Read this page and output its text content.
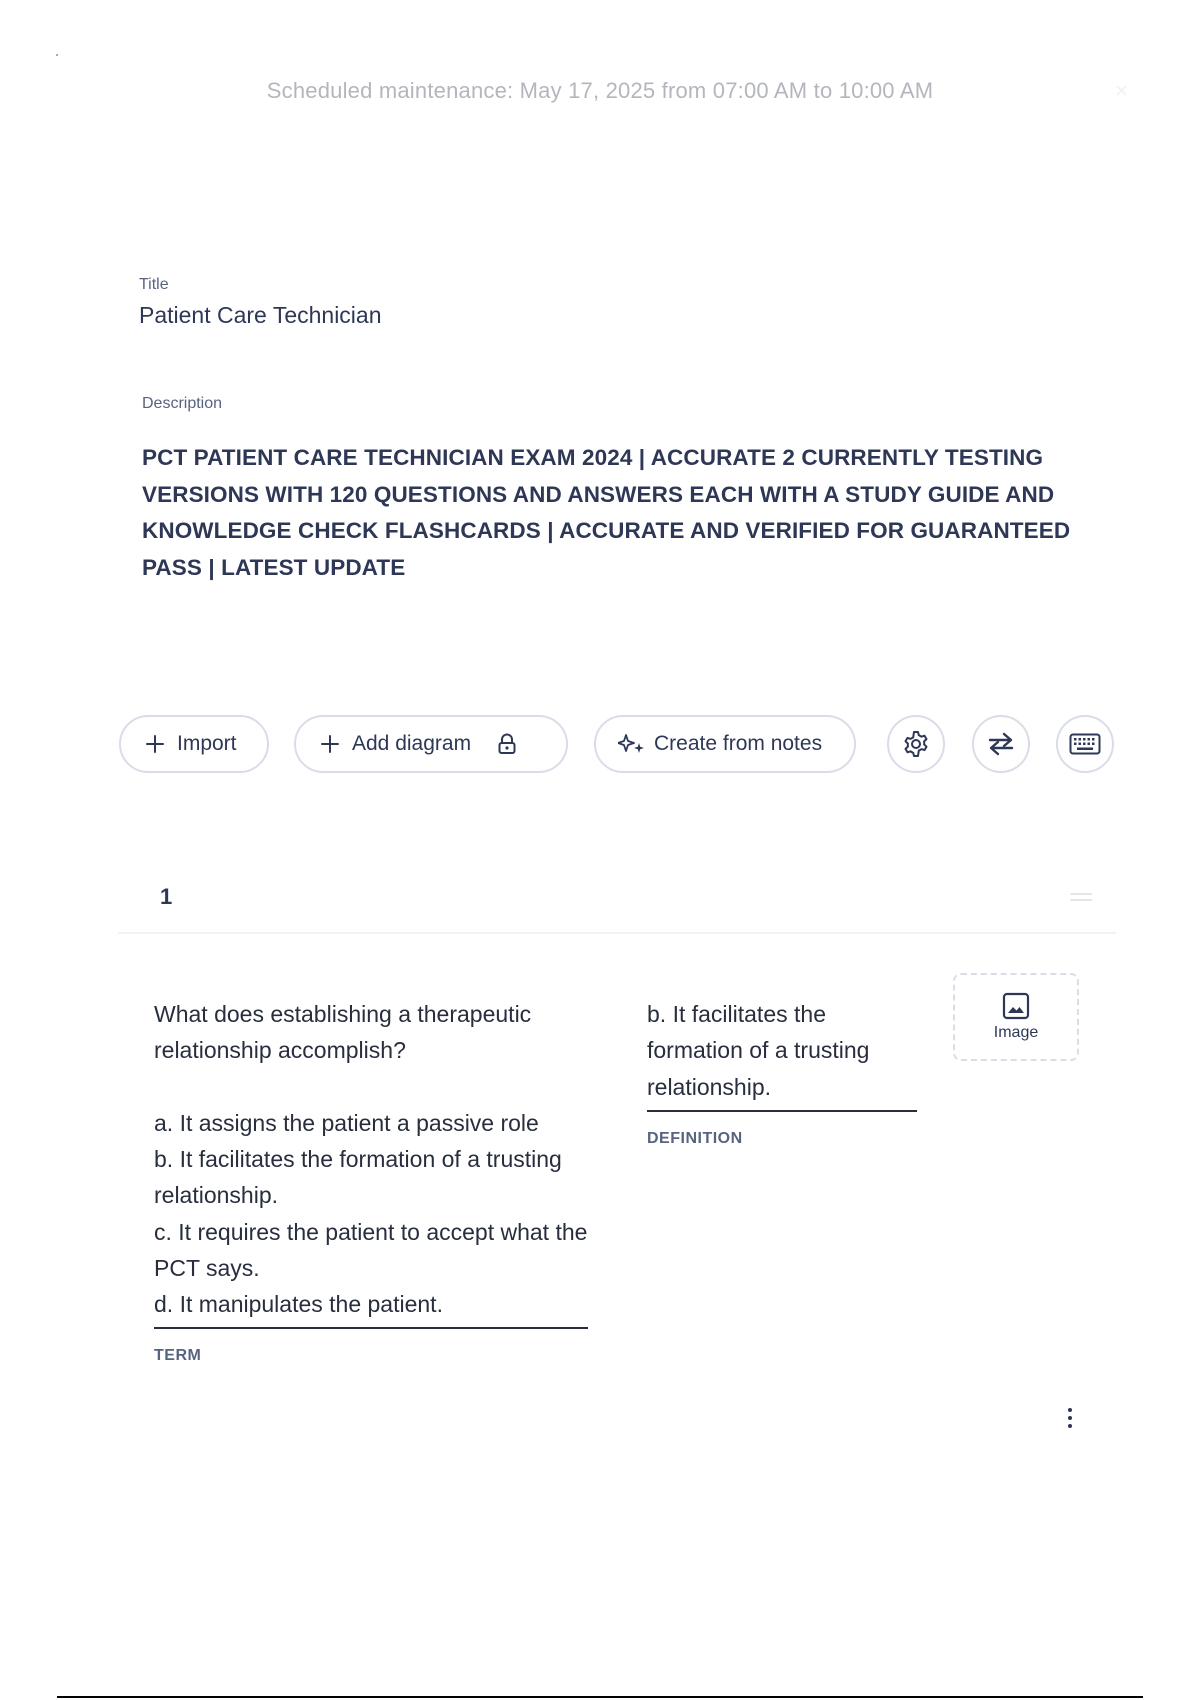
Scheduled maintenance: May 17, 2025 from 07:00 AM to 10:00 AM	×
Title
Patient Care Technician
Description
PCT PATIENT CARE TECHNICIAN EXAM 2024 | ACCURATE 2 CURRENTLY TESTING VERSIONS WITH 120 QUESTIONS AND ANSWERS EACH WITH A STUDY GUIDE AND KNOWLEDGE CHECK FLASHCARDS | ACCURATE AND VERIFIED FOR GUARANTEED PASS | LATEST UPDATE
Import	Add diagram	Create from notes
1
What does establishing a therapeutic relationship accomplish?

a. It assigns the patient a passive role
b. It facilitates the formation of a trusting relationship.
c. It requires the patient to accept what the PCT says.
d. It manipulates the patient.
TERM
b. It facilitates the formation of a trusting relationship.
DEFINITION
Image
